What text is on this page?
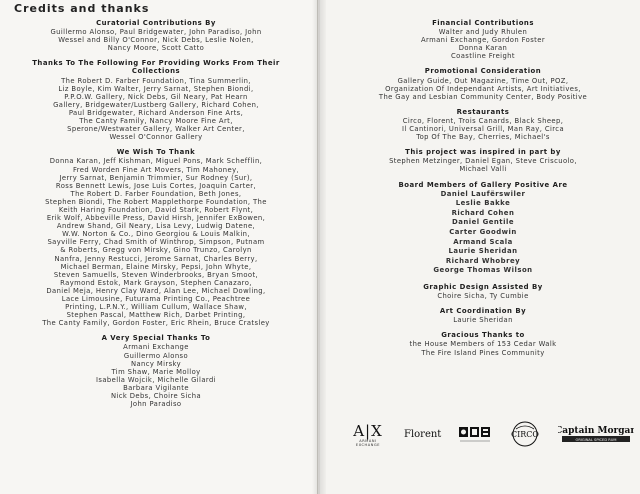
Credits and thanks
Curatorial Contributions By
Guillermo Alonso, Paul Bridgewater, John Paradiso, John
Wessel and Billy O'Connor, Nick Debs, Leslie Nolen,
Nancy Moore, Scott Catto
Thanks To The Following For Providing Works From Their Collections
The Robert D. Farber Foundation, Tina Summerlin,
Liz Boyle, Kim Walter, Jerry Sarnat, Stephen Biondi,
P.P.O.W. Gallery, Nick Debs, Gil Neary, Pat Hearn
Gallery, Bridgewater/Lustberg Gallery, Richard Cohen,
Paul Bridgewater, Richard Anderson Fine Arts,
The Canty Family, Nancy Moore Fine Art,
Sperone/Westwater Gallery, Walker Art Center,
Wessel O'Connor Gallery
We Wish To Thank
Donna Karan, Jeff Kishman, Miguel Pons, Mark Schefflin,
Fred Worden Fine Art Movers, Tim Mahoney,
Jerry Sarnat, Benjamin Trimmier, Sur Rodney (Sur),
Ross Bennett Lewis, Jose Luis Cortes, Joaquin Carter,
The Robert D. Farber Foundation, Beth Jones,
Stephen Biondi, The Robert Mapplethorpe Foundation, The
Keith Haring Foundation, David Stark, Robert Flynt,
Erik Wolf, Abbeville Press, David Hirsh, Jennifer ExBowen,
Andrew Shand, Gil Neary, Lisa Levy, Ludwig Datene,
W.W. Norton & Co., Dino Georgiou & Louis Malkin,
Sayville Ferry, Chad Smith of Winthrop, Simpson, Putnam
& Roberts, Gregg von Mirsky, Gino Trunzo, Carolyn
Nanfra, Jenny Restucci, Jerome Sarnat, Charles Berry,
Michael Berman, Elaine Mirsky, Pepsi, John Whyte,
Steven Samuells, Steven Winderbrooks, Bryan Smoot,
Raymond Estok, Mark Grayson, Stephen Canazaro,
Daniel Meja, Henry Clay Ward, Alan Lee, Michael Dowling,
Lace Limousine, Futurama Printing Co., Peachtree
Printing, L.P.N.Y., William Cullum, Wallace Shaw,
Stephen Pascal, Matthew Rich, Darbet Printing,
The Canty Family, Gordon Foster, Eric Rhein, Bruce Cratsley
A Very Special Thanks To
Armani Exchange
Guillermo Alonso
Nancy Mirsky
Tim Shaw, Marie Molloy
Isabella Wojcik, Michelle Gilardi
Barbara Vigilante
Nick Debs, Choire Sicha
John Paradiso
Financial Contributions
Walter and Judy Rhulen
Armani Exchange, Gordon Foster
Donna Karan
Coastline Freight
Promotional Consideration
Gallery Guide, Out Magazine, Time Out, POZ,
Organization Of Independant Artists, Art Initiatives,
The Gay and Lesbian Community Center, Body Positive
Restaurants
Circo, Florent, Trois Canards, Black Sheep,
Il Cantinori, Universal Grill, Man Ray, Circa
Top Of The Bay, Cherries, Michael's
This project was inspired in part by
Stephen Metzinger, Daniel Egan, Steve Criscuolo,
Michael Valli
Board Members of Gallery Positive Are
Daniel Laufërswiler
Leslie Bakke
Richard Cohen
Daniel Gentile
Carter Goodwin
Armand Scala
Laurie Sheridan
Richard Whobrey
George Thomas Wilson
Graphic Design Assisted By
Choire Sicha, Ty Cumbie
Art Coordination By
Laurie Sheridan
Gracious Thanks to
the House Members of 153 Cedar Walk
The Fire Island Pines Community
A|X
ARMANI EXCHANGE
Florent	CIRCO Captain Morgan
ORIGINAL SPICED RUM
